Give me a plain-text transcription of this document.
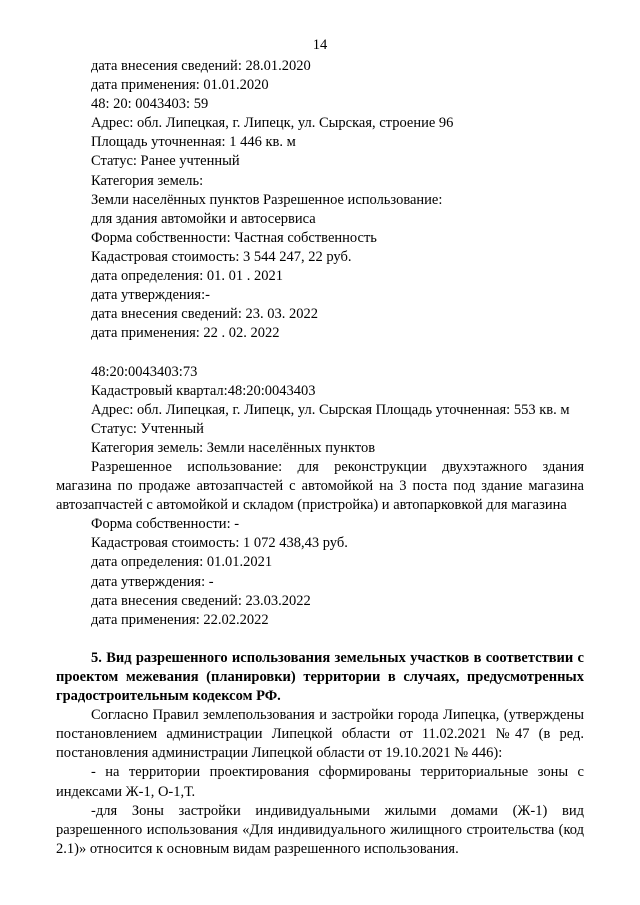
14
дата внесения сведений: 28.01.2020
дата применения: 01.01.2020
48: 20: 0043403: 59
Адрес: обл. Липецкая, г. Липецк, ул. Сырская, строение 96
Площадь уточненная: 1 446 кв. м
Статус: Ранее учтенный
Категория земель:
Земли населённых пунктов Разрешенное использование:
для здания автомойки и автосервиса
Форма собственности: Частная собственность
Кадастровая стоимость: 3 544 247, 22 руб.
дата определения: 01. 01 . 2021
дата утверждения:-
дата внесения сведений: 23. 03. 2022
дата применения: 22 . 02. 2022
48:20:0043403:73
Кадастровый квартал:48:20:0043403
Адрес: обл. Липецкая, г. Липецк, ул. Сырская Площадь уточненная: 553 кв. м
Статус: Учтенный
Категория земель: Земли населённых пунктов

Разрешенное использование: для реконструкции двухэтажного здания магазина по продаже автозапчастей с автомойкой на 3 поста под здание магазина автозапчастей с автомойкой и складом (пристройка) и автопарковкой для магазина

Форма собственности: -
Кадастровая стоимость: 1 072 438,43 руб.
дата определения: 01.01.2021
дата утверждения: -
дата внесения сведений: 23.03.2022
дата применения: 22.02.2022

5. Вид разрешенного использования земельных участков в соответствии с проектом межевания (планировки) территории в случаях, предусмотренных градостроительным кодексом РФ.

Согласно Правил землепользования и застройки города Липецка, (утверждены постановлением администрации Липецкой области от 11.02.2021 №47 (в ред. постановления администрации Липецкой области от 19.10.2021 № 446):

- на территории проектирования сформированы территориальные зоны с индексами Ж-1, О-1,Т.

-для Зоны застройки индивидуальными жилыми домами (Ж-1) вид разрешенного использования «Для индивидуального жилищного строительства (код 2.1)» относится к основным видам разрешенного использования.
